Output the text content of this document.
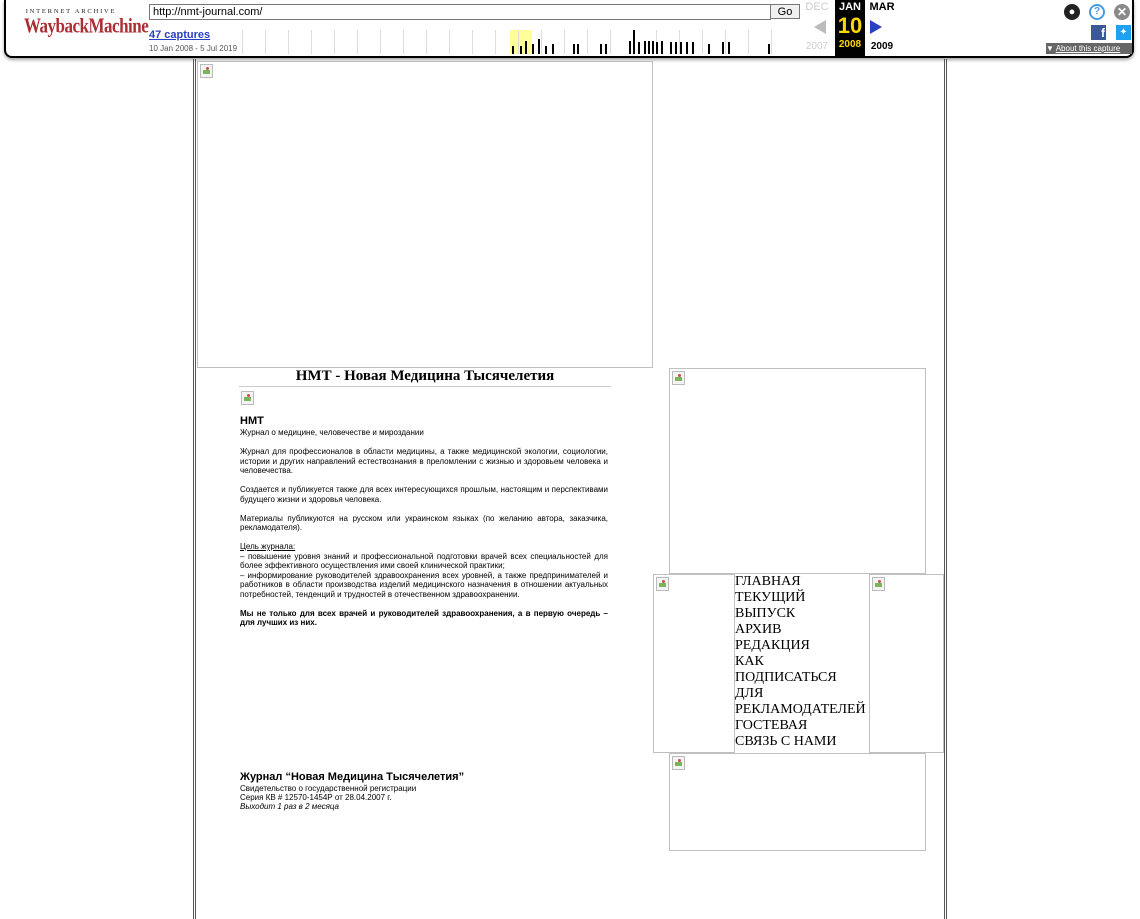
INTERNET ARCHIVE
WaybackMachine
http://nmt-journal.com/
Go
47 captures
10 Jan 2008 - 5 Jul 2019
DEC
2007
JAN
10
2008
MAR
2009
●	?	✕
f	✦
▼ About this capture
НМТ - Новая Медицина Тысячелетия
НМТ

Журнал о медицине, человечестве и мироздании

Журнал для профессионалов в области медицины, а также медицинской экологии, социологии, истории и других направлений естествознания в преломлении с жизнью и здоровьем человека и человечества.

Создается и публикуется также для всех интересующихся прошлым, настоящим и перспективами будущего жизни и здоровья человека.

Материалы публикуются на русском или украинском языках (по желанию автора, заказчика, рекламодателя).

Цель журнала:

– повышение уровня знаний и профессиональной подготовки врачей всех специальностей для более эффективного осуществления ими своей клинической практики;

– информирование руководителей здравоохранения всех уровней, а также предпринимателей и работников в области производства изделий медицинского назначения в отношении актуальных потребностей, тенденций и трудностей в отечественном здравоохранении.

Мы не только для всех врачей и руководителей здравоохранения, а в первую очередь – для лучших из них.

Журнал “Новая Медицина Тысячелетия”
Свидетельство о государственной регистрации
Серия КВ # 12570-1454Р от 28.04.2007 г.
Выходит 1 раз в 2 месяца
ГЛАВНАЯ
ТЕКУЩИЙ
ВЫПУСК
АРХИВ
РЕДАКЦИЯ
КАК
ПОДПИСАТЬСЯ
ДЛЯ
РЕКЛАМОДАТЕЛЕЙ
ГОСТЕВАЯ
СВЯЗЬ С НАМИ
